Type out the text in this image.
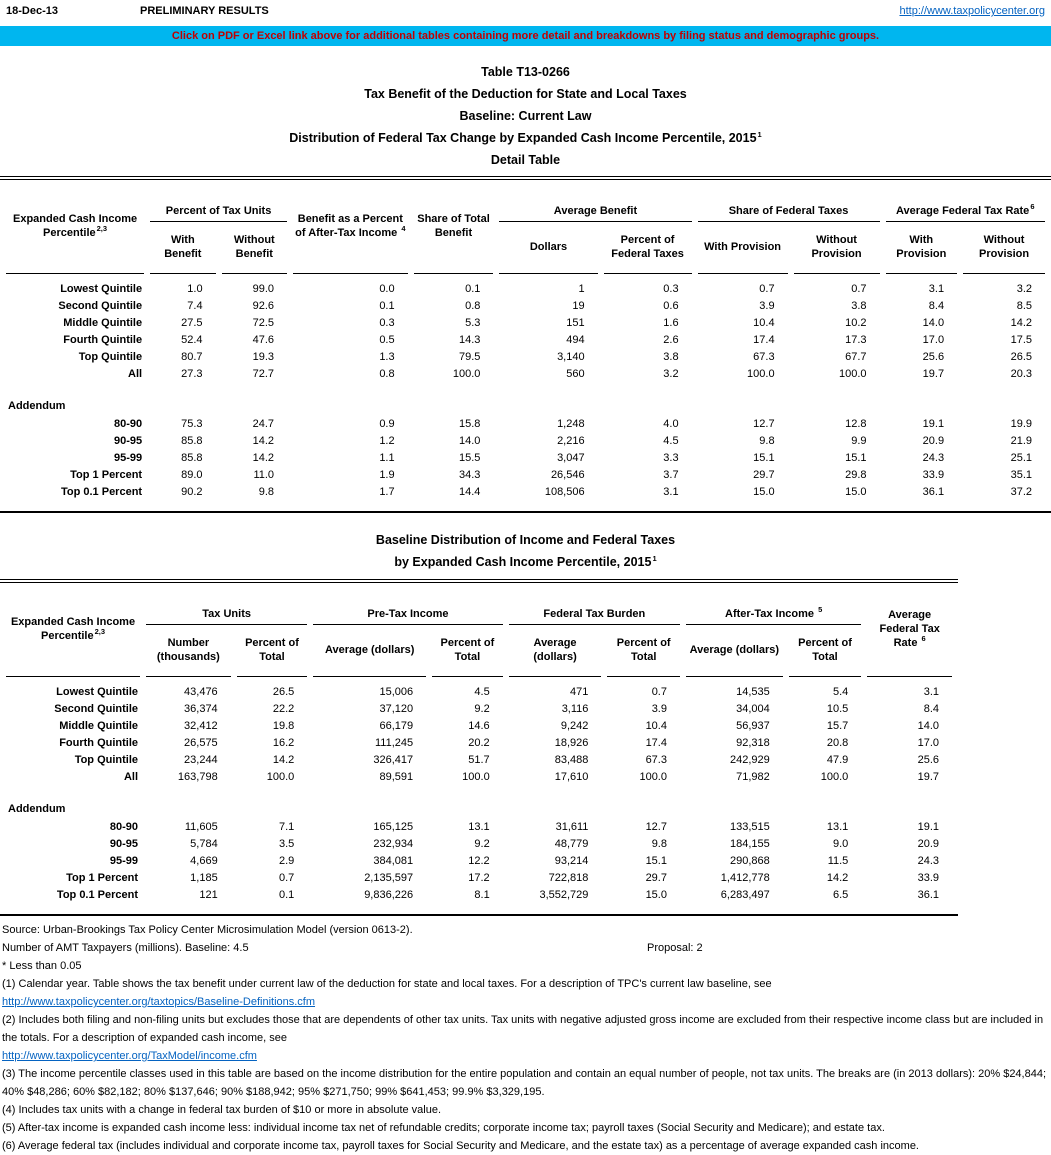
18-Dec-13	PRELIMINARY RESULTS	http://www.taxpolicycenter.org
Click on PDF or Excel link above for additional tables containing more detail and breakdowns by filing status and demographic groups.
Table T13-0266
Tax Benefit of the Deduction for State and Local Taxes
Baseline: Current Law
Distribution of Federal Tax Change by Expanded Cash Income Percentile, 2015$^1$
Detail Table
Expanded Cash Income Percentile$^{2,3}$	Percent of Tax Units		Benefit as a Percent of After-Tax Income $^4$	Share of Total Benefit	Average Benefit		Share of Federal Taxes		Average Federal Tax Rate$^6$
	With Benefit	Without Benefit			Dollars	Percent of Federal Taxes	With Provision	Without Provision	With Provision	Without Provision
Lowest Quintile	1.0	99.0	0.0	0.1	1	0.3	0.7	0.7	3.1	3.2
Second Quintile	7.4	92.6	0.1	0.8	19	0.6	3.9	3.8	8.4	8.5
Middle Quintile	27.5	72.5	0.3	5.3	151	1.6	10.4	10.2	14.0	14.2
Fourth Quintile	52.4	47.6	0.5	14.3	494	2.6	17.4	17.3	17.0	17.5
Top Quintile	80.7	19.3	1.3	79.5	3,140	3.8	67.3	67.7	25.6	26.5
All	27.3	72.7	0.8	100.0	560	3.2	100.0	100.0	19.7	20.3
Addendum										
80-90	75.3	24.7	0.9	15.8	1,248	4.0	12.7	12.8	19.1	19.9
90-95	85.8	14.2	1.2	14.0	2,216	4.5	9.8	9.9	20.9	21.9
95-99	85.8	14.2	1.1	15.5	3,047	3.3	15.1	15.1	24.3	25.1
Top 1 Percent	89.0	11.0	1.9	34.3	26,546	3.7	29.7	29.8	33.9	35.1
Top 0.1 Percent	90.2	9.8	1.7	14.4	108,506	3.1	15.0	15.0	36.1	37.2
Baseline Distribution of Income and Federal Taxes
by Expanded Cash Income Percentile, 2015$^1$
Expanded Cash Income Percentile$^{2,3}$	Tax Units		Pre-Tax Income		Federal Tax Burden		After-Tax Income $^5$		Average Federal Tax Rate $^6$
	Number (thousands)	Percent of Total	Average (dollars)	Percent of Total	Average (dollars)	Percent of Total	Average (dollars)	Percent of Total	
Lowest Quintile	43,476	26.5	15,006	4.5	471	0.7	14,535	5.4	3.1
Second Quintile	36,374	22.2	37,120	9.2	3,116	3.9	34,004	10.5	8.4
Middle Quintile	32,412	19.8	66,179	14.6	9,242	10.4	56,937	15.7	14.0
Fourth Quintile	26,575	16.2	111,245	20.2	18,926	17.4	92,318	20.8	17.0
Top Quintile	23,244	14.2	326,417	51.7	83,488	67.3	242,929	47.9	25.6
All	163,798	100.0	89,591	100.0	17,610	100.0	71,982	100.0	19.7
Addendum									
80-90	11,605	7.1	165,125	13.1	31,611	12.7	133,515	13.1	19.1
90-95	5,784	3.5	232,934	9.2	48,779	9.8	184,155	9.0	20.9
95-99	4,669	2.9	384,081	12.2	93,214	15.1	290,868	11.5	24.3
Top 1 Percent	1,185	0.7	2,135,597	17.2	722,818	29.7	1,412,778	14.2	33.9
Top 0.1 Percent	121	0.1	9,836,226	8.1	3,552,729	15.0	6,283,497	6.5	36.1
Source: Urban-Brookings Tax Policy Center Microsimulation Model (version 0613-2).
Number of AMT Taxpayers (millions). Baseline: 4.5	Proposal: 2
* Less than 0.05
(1) Calendar year. Table shows the tax benefit under current law of the deduction for state and local taxes. For a description of TPC's current law baseline, see
http://www.taxpolicycenter.org/taxtopics/Baseline-Definitions.cfm
(2) Includes both filing and non-filing units but excludes those that are dependents of other tax units. Tax units with negative adjusted gross income are excluded from their respective income class but are included in the totals. For a description of expanded cash income, see
http://www.taxpolicycenter.org/TaxModel/income.cfm
(3) The income percentile classes used in this table are based on the income distribution for the entire population and contain an equal number of people, not tax units. The breaks are (in 2013 dollars): 20% $24,844; 40% $48,286; 60% $82,182; 80% $137,646; 90% $188,942; 95% $271,750; 99% $641,453; 99.9% $3,329,195.
(4) Includes tax units with a change in federal tax burden of $10 or more in absolute value.
(5) After-tax income is expanded cash income less: individual income tax net of refundable credits; corporate income tax; payroll taxes (Social Security and Medicare); and estate tax.
(6) Average federal tax (includes individual and corporate income tax, payroll taxes for Social Security and Medicare, and the estate tax) as a percentage of average expanded cash income.
